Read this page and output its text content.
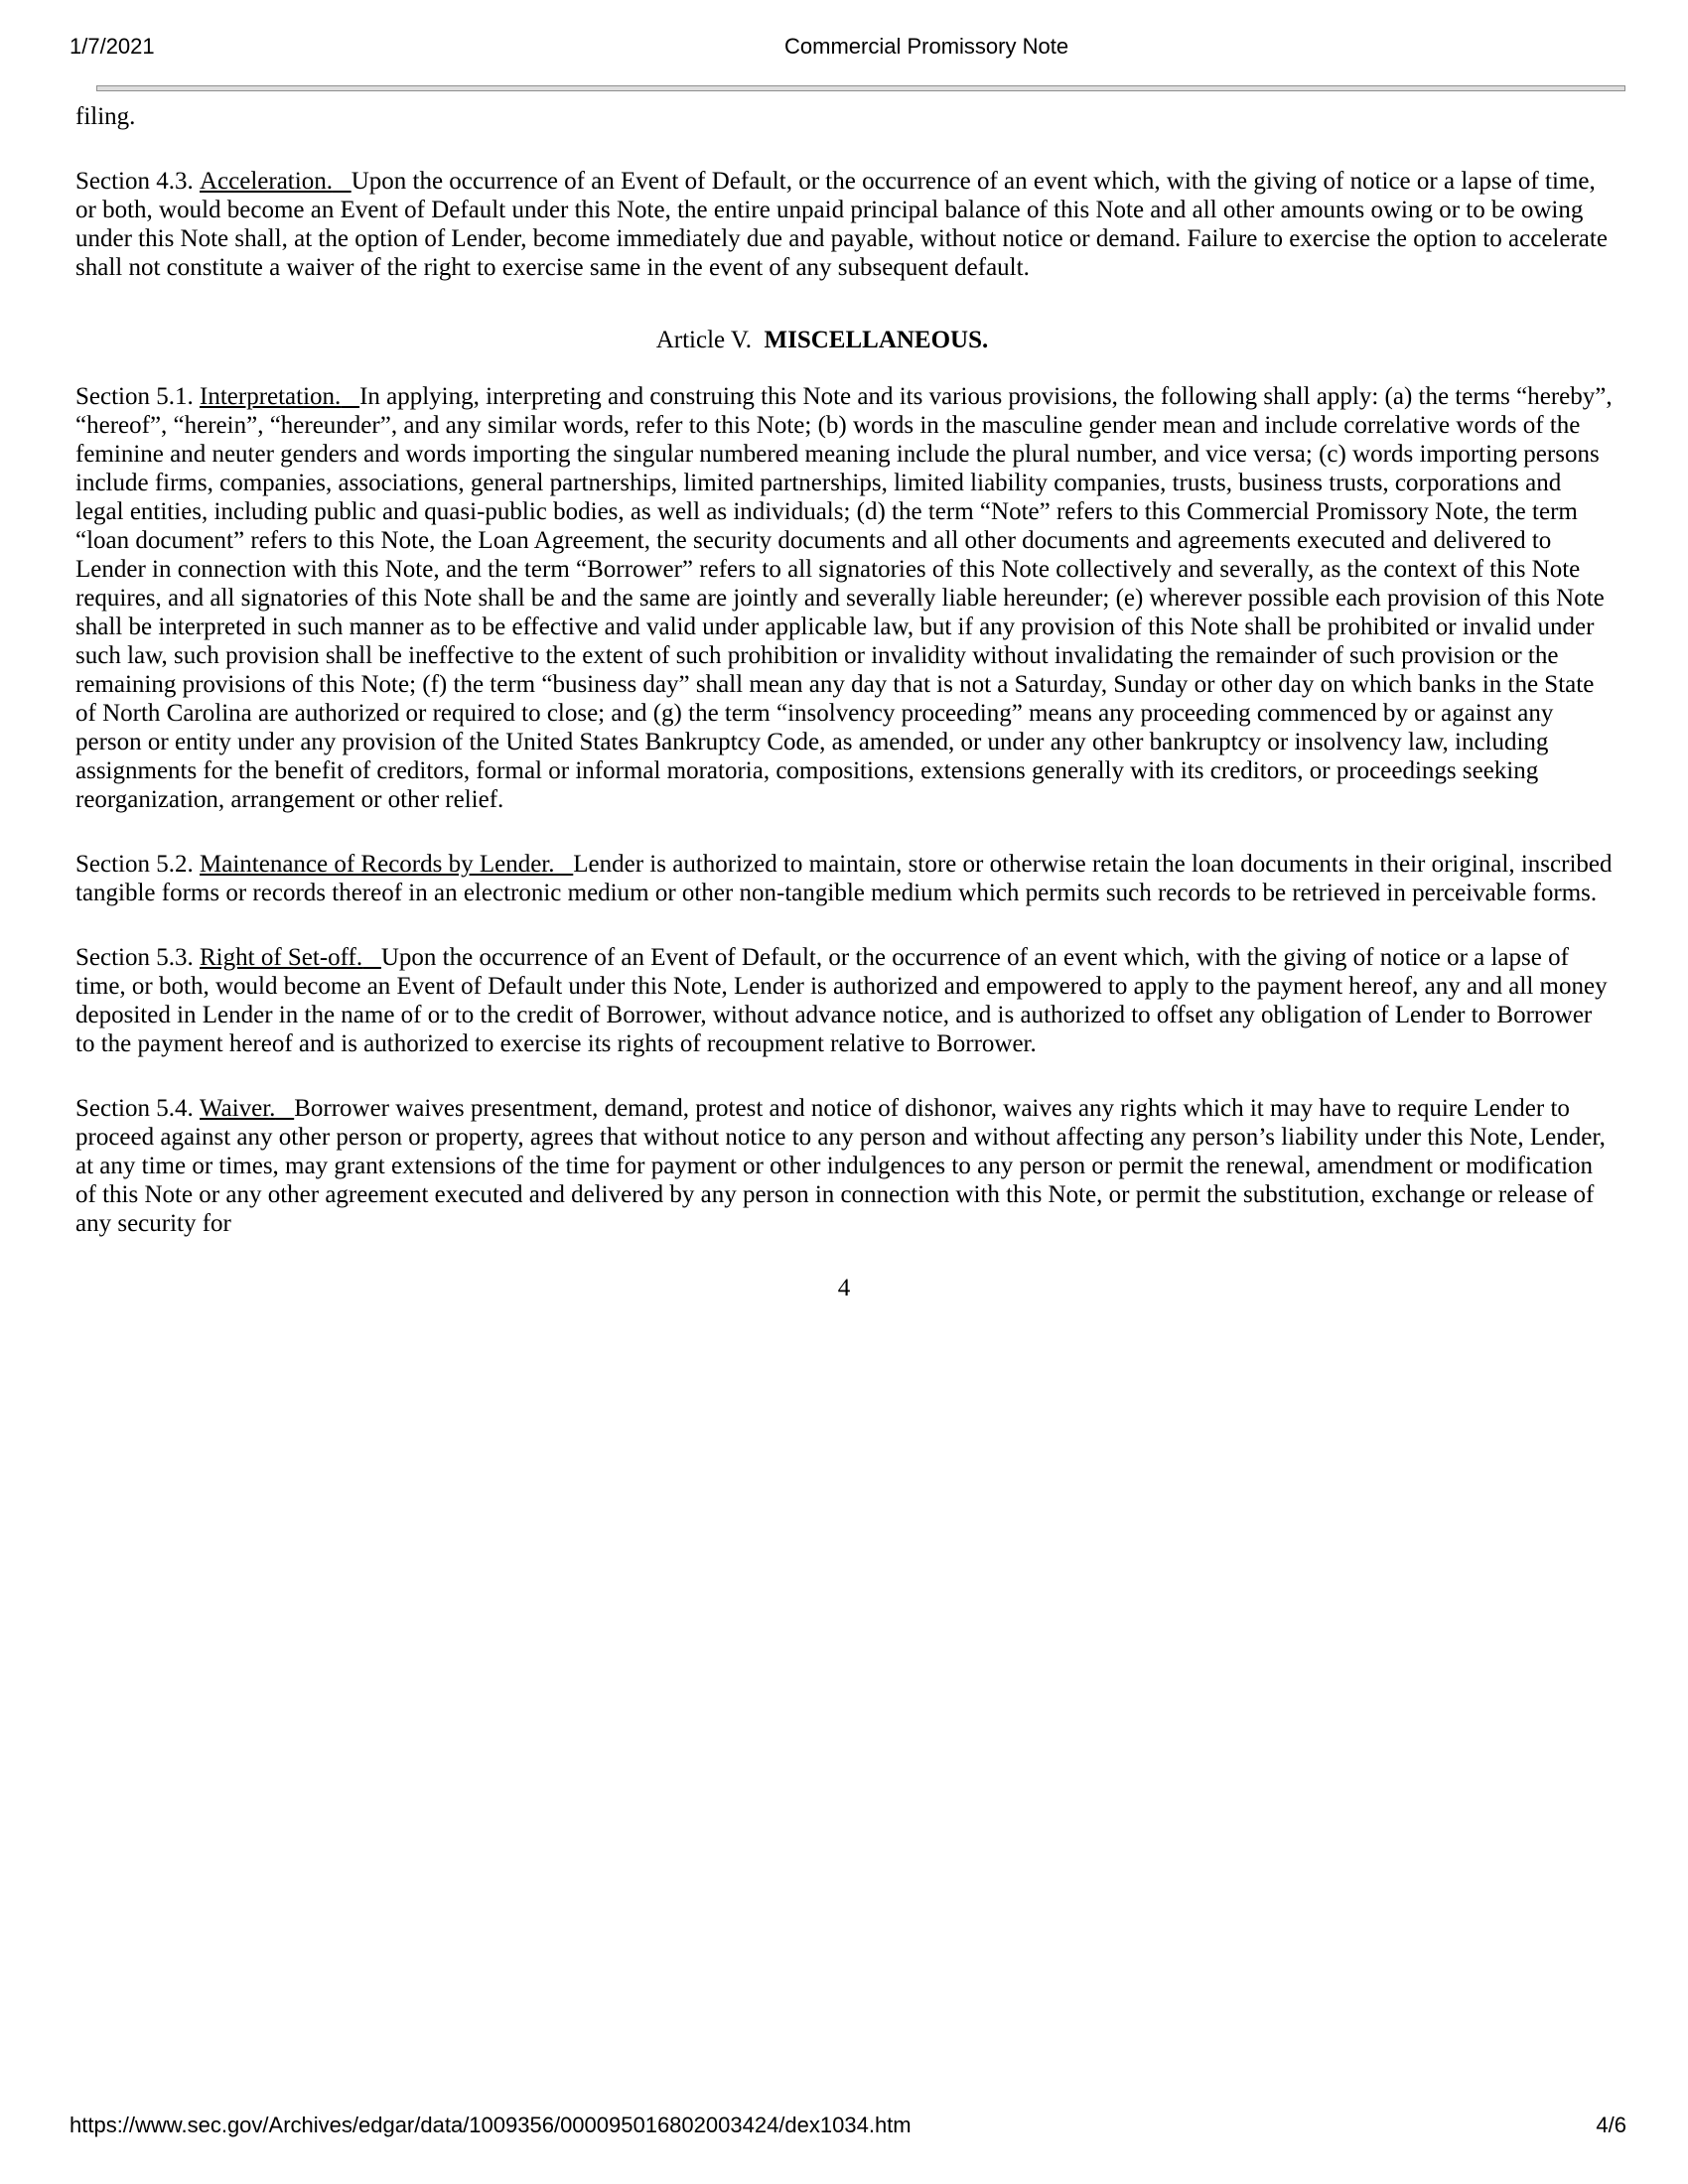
1/7/2021	Commercial Promissory Note

filing.

Section 4.3. Acceleration. Upon the occurrence of an Event of Default, or the occurrence of an event which, with the giving of notice or a lapse of time, or both, would become an Event of Default under this Note, the entire unpaid principal balance of this Note and all other amounts owing or to be owing under this Note shall, at the option of Lender, become immediately due and payable, without notice or demand. Failure to exercise the option to accelerate shall not constitute a waiver of the right to exercise same in the event of any subsequent default.

Article V. MISCELLANEOUS.

Section 5.1. Interpretation. In applying, interpreting and construing this Note and its various provisions, the following shall apply: (a) the terms “hereby”, “hereof”, “herein”, “hereunder”, and any similar words, refer to this Note; (b) words in the masculine gender mean and include correlative words of the feminine and neuter genders and words importing the singular numbered meaning include the plural number, and vice versa; (c) words importing persons include firms, companies, associations, general partnerships, limited partnerships, limited liability companies, trusts, business trusts, corporations and legal entities, including public and quasi-public bodies, as well as individuals; (d) the term “Note” refers to this Commercial Promissory Note, the term “loan document” refers to this Note, the Loan Agreement, the security documents and all other documents and agreements executed and delivered to Lender in connection with this Note, and the term “Borrower” refers to all signatories of this Note collectively and severally, as the context of this Note requires, and all signatories of this Note shall be and the same are jointly and severally liable hereunder; (e) wherever possible each provision of this Note shall be interpreted in such manner as to be effective and valid under applicable law, but if any provision of this Note shall be prohibited or invalid under such law, such provision shall be ineffective to the extent of such prohibition or invalidity without invalidating the remainder of such provision or the remaining provisions of this Note; (f) the term “business day” shall mean any day that is not a Saturday, Sunday or other day on which banks in the State of North Carolina are authorized or required to close; and (g) the term “insolvency proceeding” means any proceeding commenced by or against any person or entity under any provision of the United States Bankruptcy Code, as amended, or under any other bankruptcy or insolvency law, including assignments for the benefit of creditors, formal or informal moratoria, compositions, extensions generally with its creditors, or proceedings seeking reorganization, arrangement or other relief.

Section 5.2. Maintenance of Records by Lender. Lender is authorized to maintain, store or otherwise retain the loan documents in their original, inscribed tangible forms or records thereof in an electronic medium or other non-tangible medium which permits such records to be retrieved in perceivable forms.

Section 5.3. Right of Set-off. Upon the occurrence of an Event of Default, or the occurrence of an event which, with the giving of notice or a lapse of time, or both, would become an Event of Default under this Note, Lender is authorized and empowered to apply to the payment hereof, any and all money deposited in Lender in the name of or to the credit of Borrower, without advance notice, and is authorized to offset any obligation of Lender to Borrower to the payment hereof and is authorized to exercise its rights of recoupment relative to Borrower.

Section 5.4. Waiver. Borrower waives presentment, demand, protest and notice of dishonor, waives any rights which it may have to require Lender to proceed against any other person or property, agrees that without notice to any person and without affecting any person’s liability under this Note, Lender, at any time or times, may grant extensions of the time for payment or other indulgences to any person or permit the renewal, amendment or modification of this Note or any other agreement executed and delivered by any person in connection with this Note, or permit the substitution, exchange or release of any security for

4

https://www.sec.gov/Archives/edgar/data/1009356/000095016802003424/dex1034.htm	4/6
